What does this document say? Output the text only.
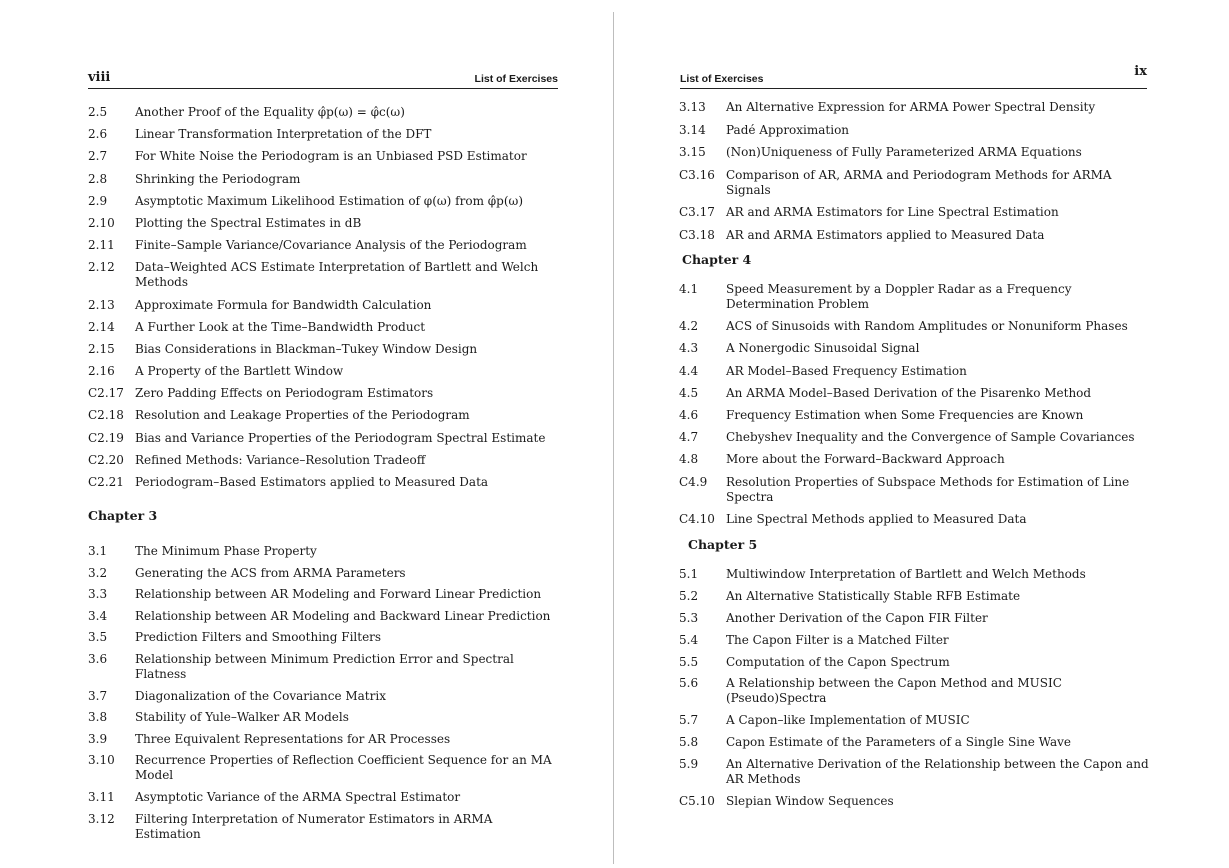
viii	List of Exercises
2.5	Another Proof of the Equality φ̂p(ω) = φ̂c(ω)
2.6	Linear Transformation Interpretation of the DFT
2.7	For White Noise the Periodogram is an Unbiased PSD Estimator
2.8	Shrinking the Periodogram
2.9	Asymptotic Maximum Likelihood Estimation of φ(ω) from φ̂p(ω)
2.10	Plotting the Spectral Estimates in dB
2.11	Finite–Sample Variance/Covariance Analysis of the Periodogram
2.12	Data–Weighted ACS Estimate Interpretation of Bartlett and Welch Methods
2.13	Approximate Formula for Bandwidth Calculation
2.14	A Further Look at the Time–Bandwidth Product
2.15	Bias Considerations in Blackman–Tukey Window Design
2.16	A Property of the Bartlett Window
C2.17 Zero Padding Effects on Periodogram Estimators
C2.18 Resolution and Leakage Properties of the Periodogram
C2.19 Bias and Variance Properties of the Periodogram Spectral Estimate
C2.20 Refined Methods: Variance–Resolution Tradeoff
C2.21 Periodogram–Based Estimators applied to Measured Data
Chapter 3
3.1	The Minimum Phase Property
3.2	Generating the ACS from ARMA Parameters
3.3	Relationship between AR Modeling and Forward Linear Prediction
3.4	Relationship between AR Modeling and Backward Linear Prediction
3.5	Prediction Filters and Smoothing Filters
3.6	Relationship between Minimum Prediction Error and Spectral Flatness
3.7	Diagonalization of the Covariance Matrix
3.8	Stability of Yule–Walker AR Models
3.9	Three Equivalent Representations for AR Processes
3.10	Recurrence Properties of Reflection Coefficient Sequence for an MA Model
3.11	Asymptotic Variance of the ARMA Spectral Estimator
3.12	Filtering Interpretation of Numerator Estimators in ARMA Estimation
List of Exercises	ix
3.13	An Alternative Expression for ARMA Power Spectral Density
3.14	Padé Approximation
3.15	(Non)Uniqueness of Fully Parameterized ARMA Equations
C3.16 Comparison of AR, ARMA and Periodogram Methods for ARMA Signals
C3.17 AR and ARMA Estimators for Line Spectral Estimation
C3.18 AR and ARMA Estimators applied to Measured Data
Chapter 4
4.1	Speed Measurement by a Doppler Radar as a Frequency Determination Problem
4.2	ACS of Sinusoids with Random Amplitudes or Nonuniform Phases
4.3	A Nonergodic Sinusoidal Signal
4.4	AR Model–Based Frequency Estimation
4.5	An ARMA Model–Based Derivation of the Pisarenko Method
4.6	Frequency Estimation when Some Frequencies are Known
4.7	Chebyshev Inequality and the Convergence of Sample Covariances
4.8	More about the Forward–Backward Approach
C4.9	Resolution Properties of Subspace Methods for Estimation of Line Spectra
C4.10 Line Spectral Methods applied to Measured Data
Chapter 5
5.1	Multiwindow Interpretation of Bartlett and Welch Methods
5.2	An Alternative Statistically Stable RFB Estimate
5.3	Another Derivation of the Capon FIR Filter
5.4	The Capon Filter is a Matched Filter
5.5	Computation of the Capon Spectrum
5.6	A Relationship between the Capon Method and MUSIC (Pseudo)Spectra
5.7	A Capon–like Implementation of MUSIC
5.8	Capon Estimate of the Parameters of a Single Sine Wave
5.9	An Alternative Derivation of the Relationship between the Capon and AR Methods
C5.10 Slepian Window Sequences
